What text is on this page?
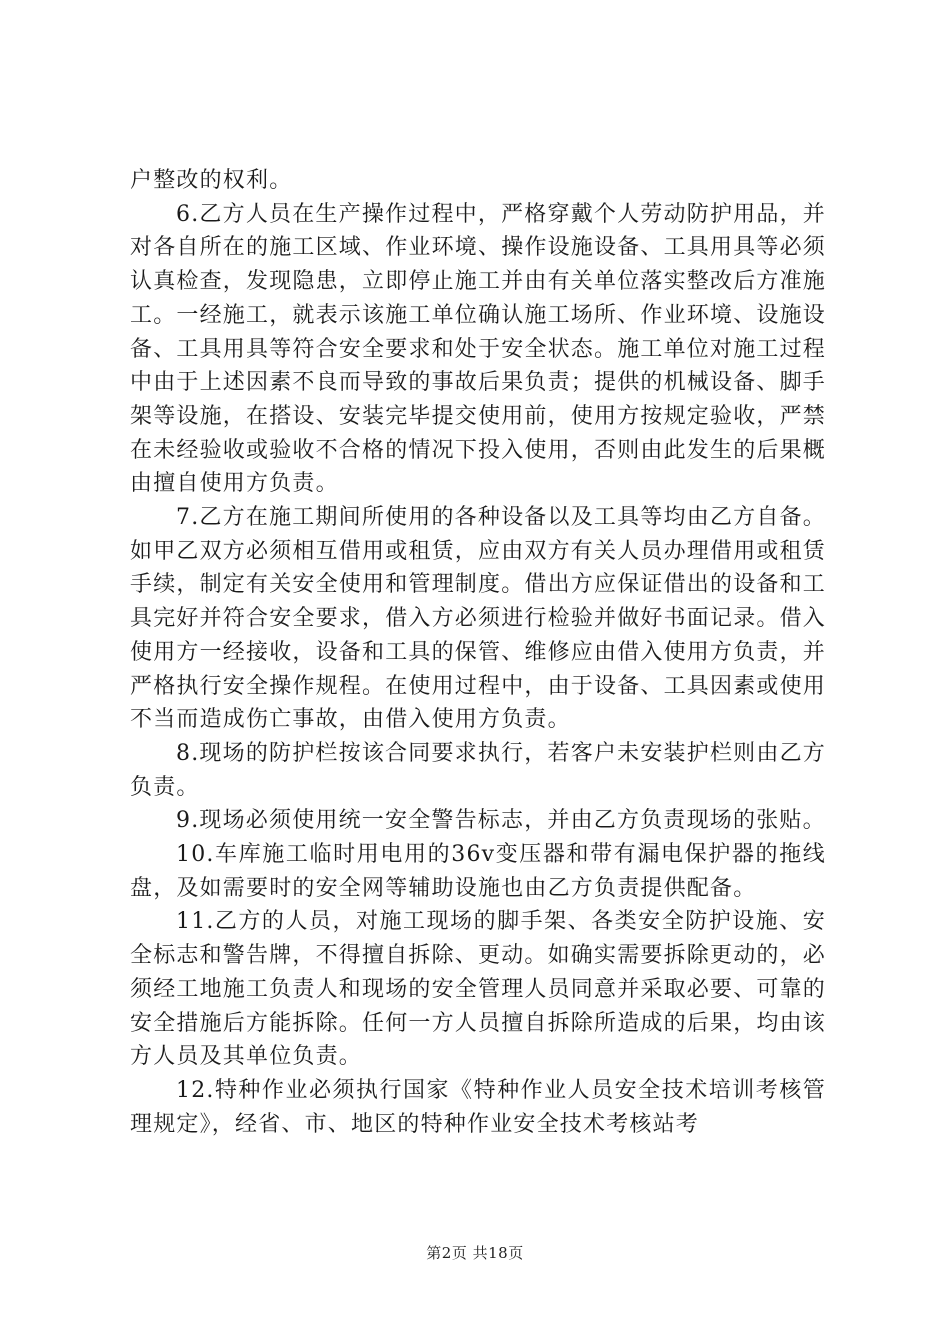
户整改的权利。

6.乙方人员在生产操作过程中，严格穿戴个人劳动防护用品，并对各自所在的施工区域、作业环境、操作设施设备、工具用具等必须认真检查，发现隐患，立即停止施工并由有关单位落实整改后方准施工。一经施工，就表示该施工单位确认施工场所、作业环境、设施设备、工具用具等符合安全要求和处于安全状态。施工单位对施工过程中由于上述因素不良而导致的事故后果负责；提供的机械设备、脚手架等设施，在搭设、安装完毕提交使用前，使用方按规定验收，严禁在未经验收或验收不合格的情况下投入使用，否则由此发生的后果概由擅自使用方负责。

7.乙方在施工期间所使用的各种设备以及工具等均由乙方自备。如甲乙双方必须相互借用或租赁，应由双方有关人员办理借用或租赁手续，制定有关安全使用和管理制度。借出方应保证借出的设备和工具完好并符合安全要求，借入方必须进行检验并做好书面记录。借入使用方一经接收，设备和工具的保管、维修应由借入使用方负责，并严格执行安全操作规程。在使用过程中，由于设备、工具因素或使用不当而造成伤亡事故，由借入使用方负责。

8.现场的防护栏按该合同要求执行，若客户未安装护栏则由乙方负责。

9.现场必须使用统一安全警告标志，并由乙方负责现场的张贴。

10.车库施工临时用电用的36v变压器和带有漏电保护器的拖线盘，及如需要时的安全网等辅助设施也由乙方负责提供配备。

11.乙方的人员，对施工现场的脚手架、各类安全防护设施、安全标志和警告牌，不得擅自拆除、更动。如确实需要拆除更动的，必须经工地施工负责人和现场的安全管理人员同意并采取必要、可靠的安全措施后方能拆除。任何一方人员擅自拆除所造成的后果，均由该方人员及其单位负责。

12.特种作业必须执行国家《特种作业人员安全技术培训考核管理规定》，经省、市、地区的特种作业安全技术考核站考

第2页 共18页
